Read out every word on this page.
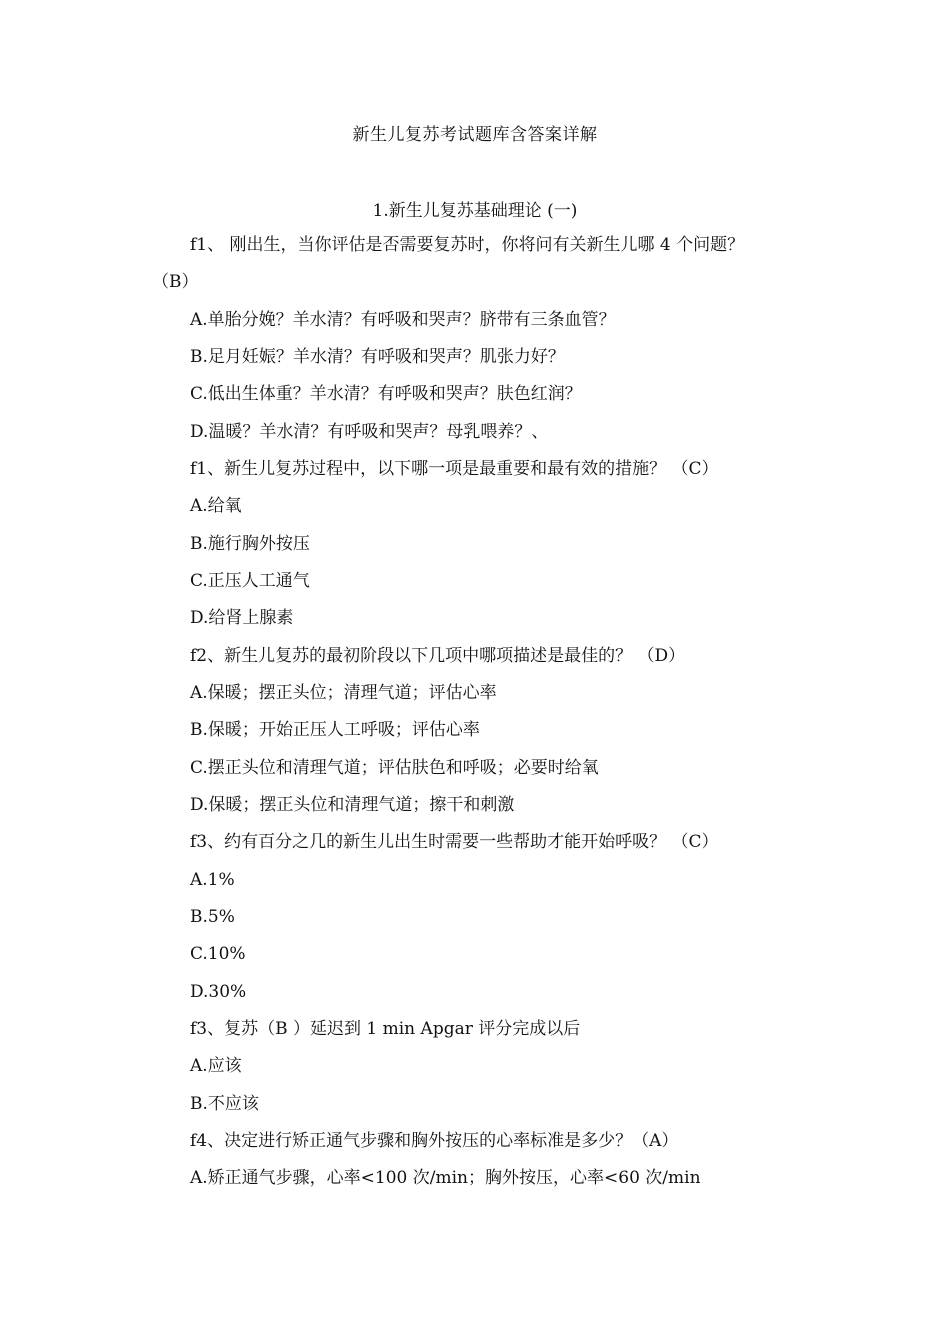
新生儿复苏考试题库含答案详解
1.新生儿复苏基础理论 (一)
f1、 刚出生，当你评估是否需要复苏时，你将问有关新生儿哪 4 个问题？
（B）
A.单胎分娩？羊水清？有呼吸和哭声？脐带有三条血管？
B.足月妊娠？羊水清？有呼吸和哭声？肌张力好？
C.低出生体重？羊水清？有呼吸和哭声？肤色红润？
D.温暖？羊水清？有呼吸和哭声？母乳喂养？、
f1、新生儿复苏过程中，以下哪一项是最重要和最有效的措施？ （C）
A.给氧
B.施行胸外按压
C.正压人工通气
D.给肾上腺素
f2、新生儿复苏的最初阶段以下几项中哪项描述是最佳的？ （D）
A.保暖；摆正头位；清理气道；评估心率
B.保暖；开始正压人工呼吸；评估心率
C.摆正头位和清理气道；评估肤色和呼吸；必要时给氧
D.保暖；摆正头位和清理气道；擦干和刺激
f3、约有百分之几的新生儿出生时需要一些帮助才能开始呼吸？ （C）
A.1%
B.5%
C.10%
D.30%
f3、复苏（B ）延迟到 1 min Apgar 评分完成以后
A.应该
B.不应该
f4、决定进行矫正通气步骤和胸外按压的心率标准是多少？（A）
A.矫正通气步骤，心率<100 次/min；胸外按压，心率<60 次/min
